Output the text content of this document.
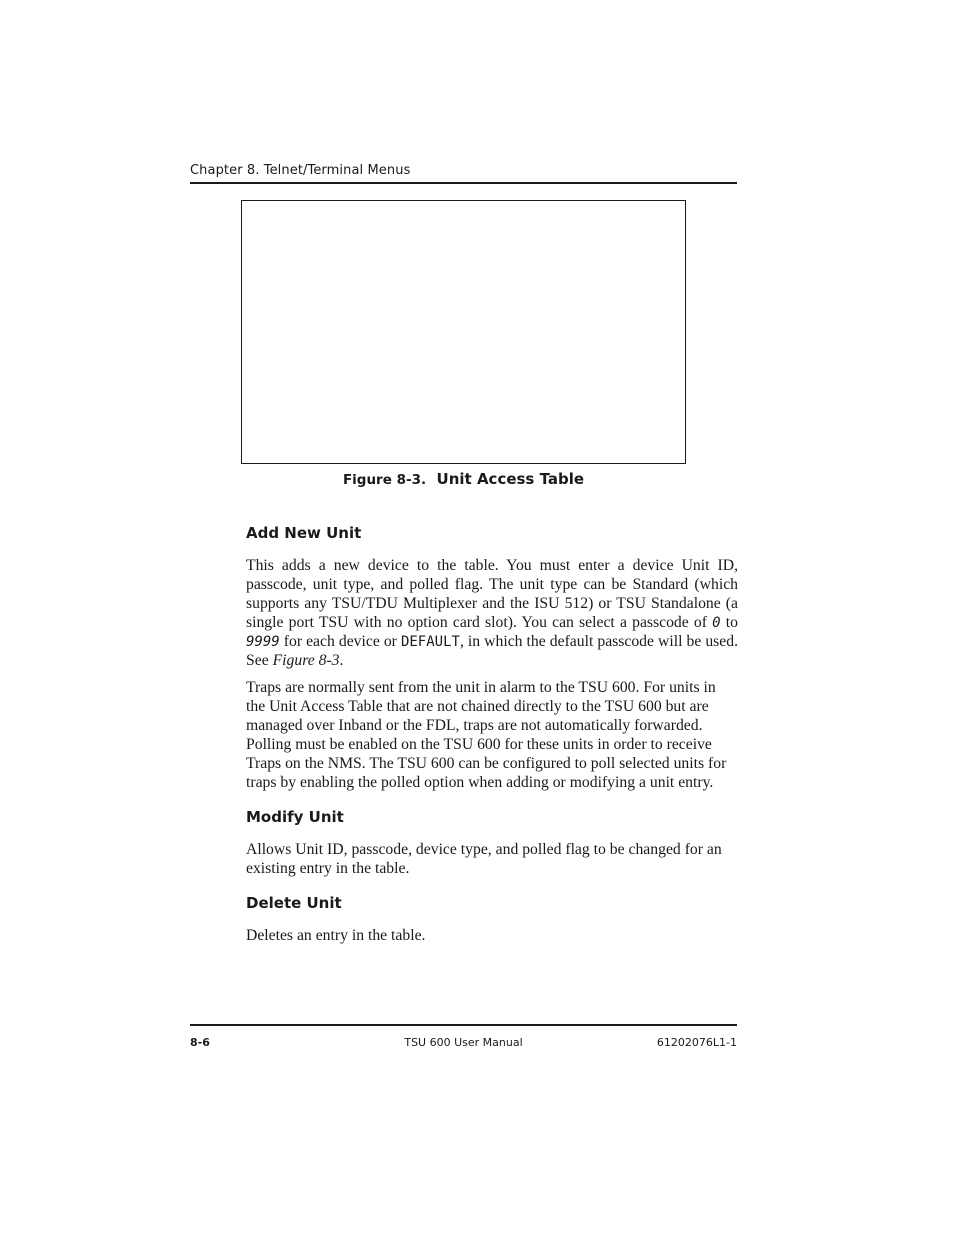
Chapter 8. Telnet/Terminal Menus
Figure 8-3. Unit Access Table
Add New Unit

This adds a new device to the table. You must enter a device Unit ID, passcode, unit type, and polled flag. The unit type can be Standard (which supports any TSU/TDU Multiplexer and the ISU 512) or TSU Standalone (a single port TSU with no option card slot). You can select a passcode of 0 to 9999 for each device or DEFAULT, in which the default passcode will be used. See Figure 8-3.

Traps are normally sent from the unit in alarm to the TSU 600. For units in the Unit Access Table that are not chained directly to the TSU 600 but are managed over Inband or the FDL, traps are not automatically forwarded. Polling must be enabled on the TSU 600 for these units in order to receive Traps on the NMS. The TSU 600 can be configured to poll selected units for traps by enabling the polled option when adding or modifying a unit entry.

Modify Unit

Allows Unit ID, passcode, device type, and polled flag to be changed for an existing entry in the table.

Delete Unit

Deletes an entry in the table.

8-6	TSU 600 User Manual	61202076L1-1
